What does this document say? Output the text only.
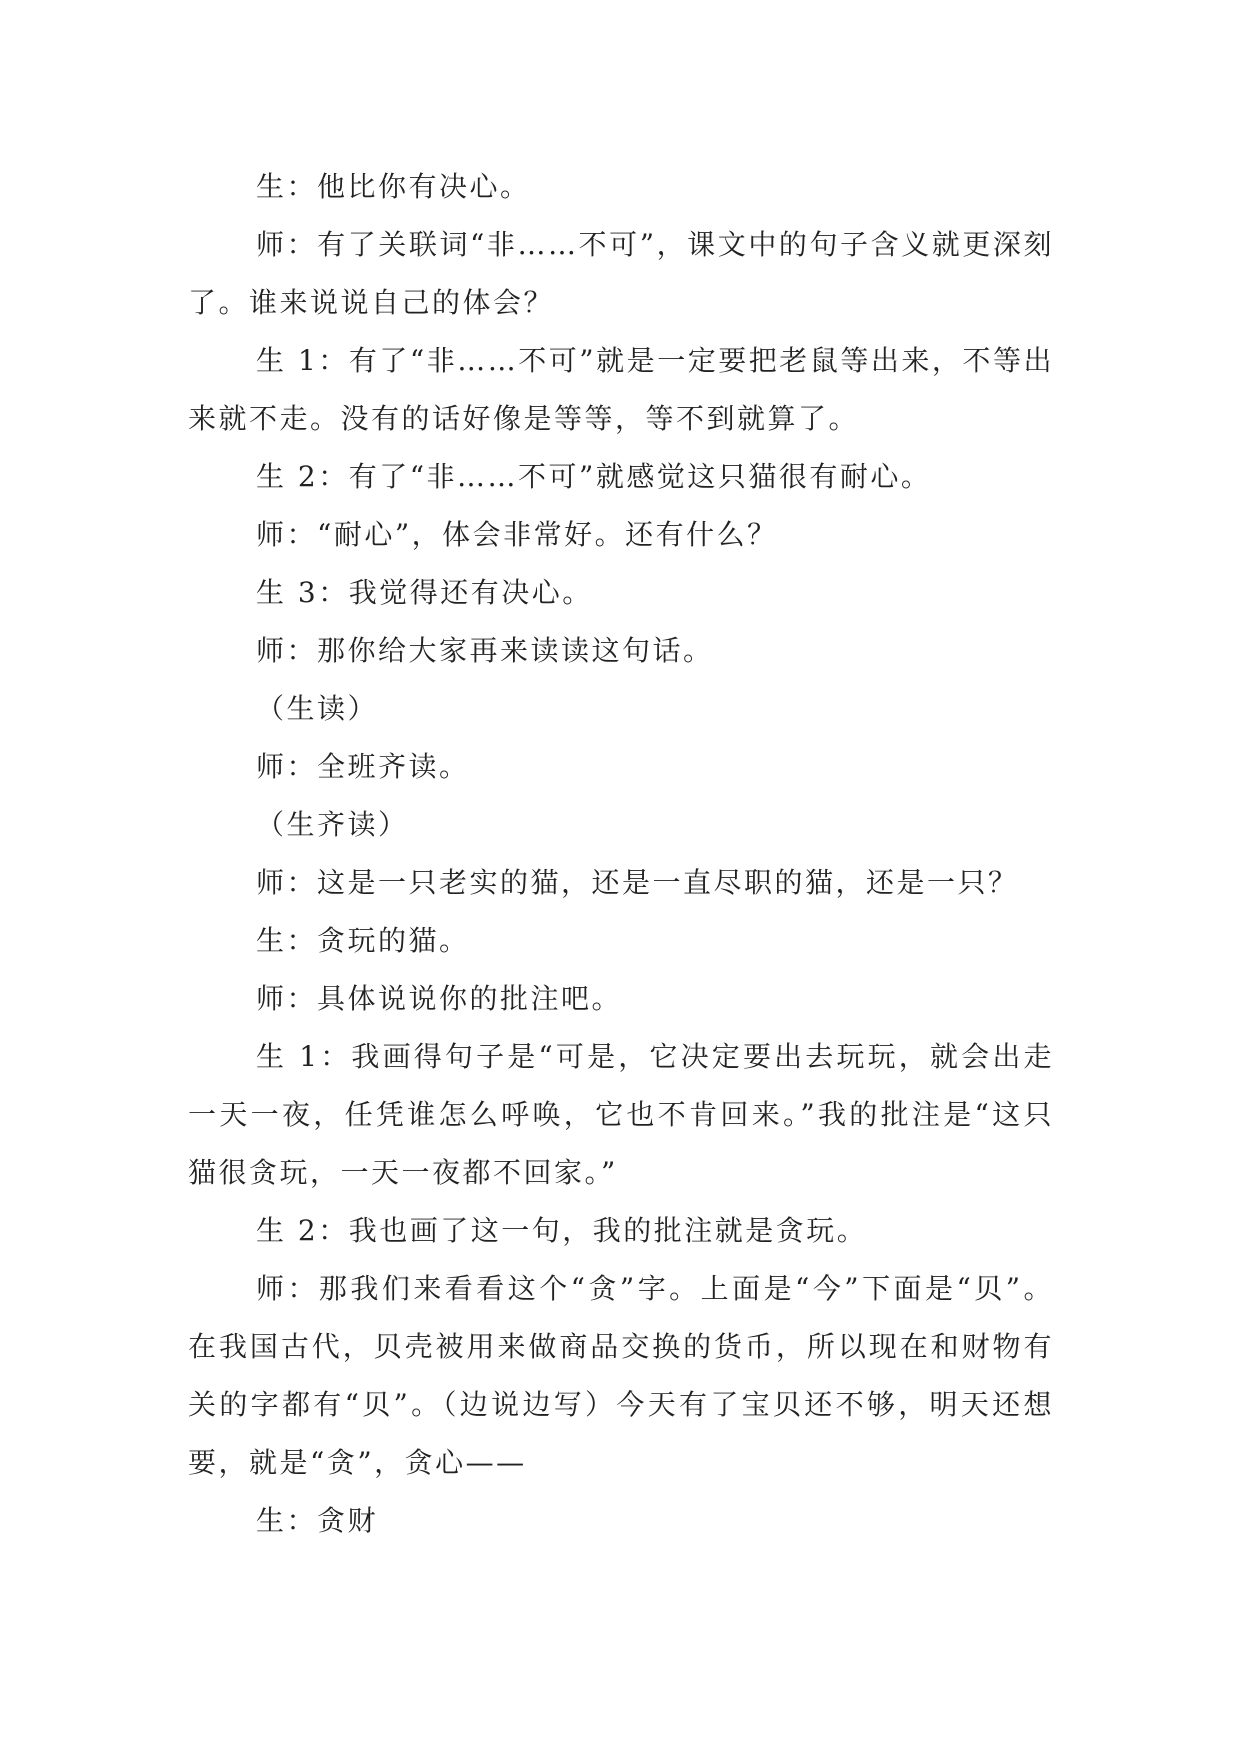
生：他比你有决心。

师：有了关联词“非……不可”，课文中的句子含义就更深刻了。谁来说说自己的体会？

生 1：有了“非……不可”就是一定要把老鼠等出来，不等出来就不走。没有的话好像是等等，等不到就算了。

生 2：有了“非……不可”就感觉这只猫很有耐心。

师：“耐心”，体会非常好。还有什么？

生 3：我觉得还有决心。

师：那你给大家再来读读这句话。

（生读）

师：全班齐读。

（生齐读）

师：这是一只老实的猫，还是一直尽职的猫，还是一只？

生：贪玩的猫。

师：具体说说你的批注吧。

生 1：我画得句子是“可是，它决定要出去玩玩，就会出走一天一夜，任凭谁怎么呼唤，它也不肯回来。”我的批注是“这只猫很贪玩，一天一夜都不回家。”

生 2：我也画了这一句，我的批注就是贪玩。

师：那我们来看看这个“贪”字。上面是“今”下面是“贝”。在我国古代，贝壳被用来做商品交换的货币，所以现在和财物有关的字都有“贝”。（边说边写）今天有了宝贝还不够，明天还想要，就是“贪”，贪心——

生：贪财
